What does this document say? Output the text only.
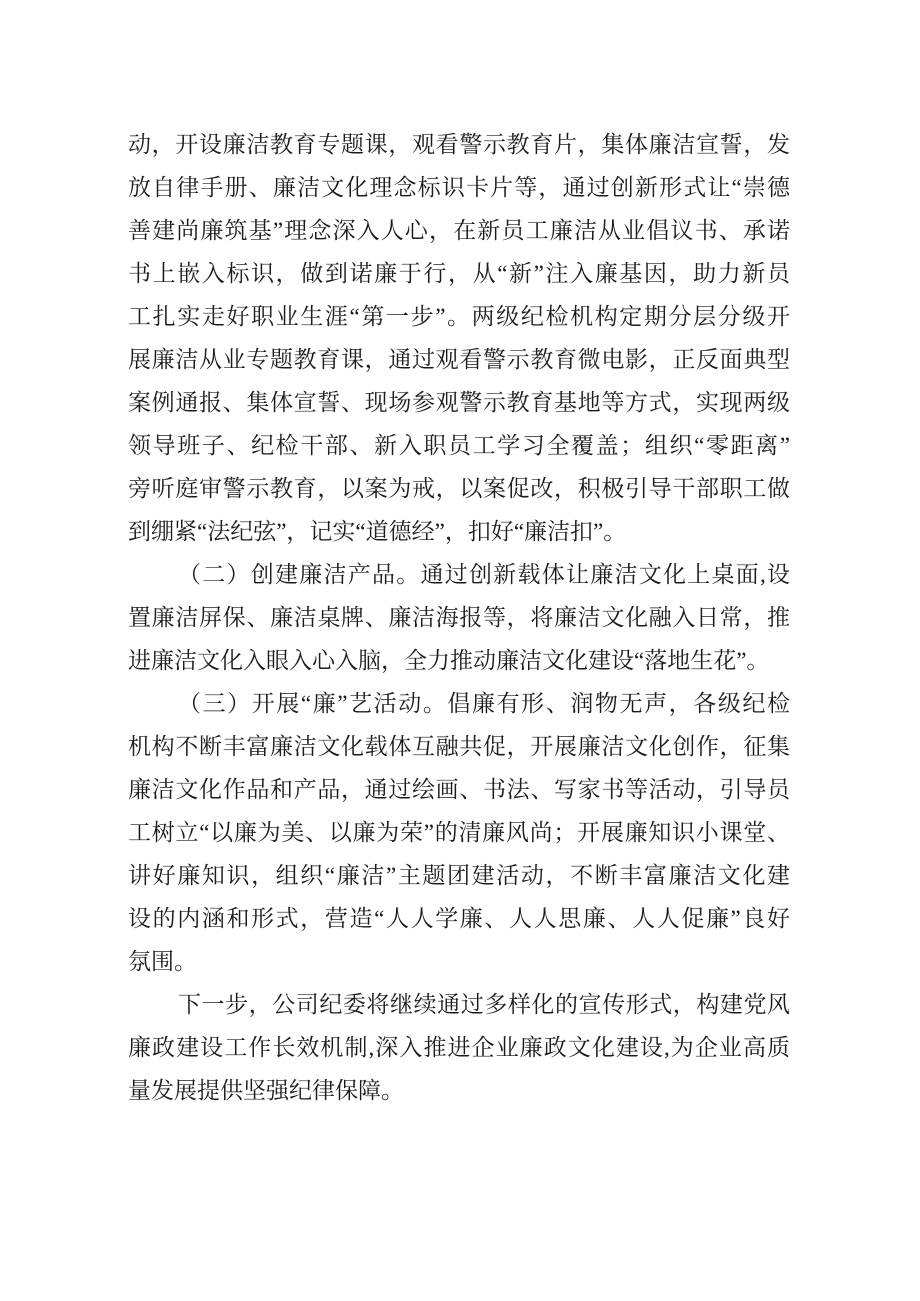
动，开设廉洁教育专题课，观看警示教育片，集体廉洁宣誓，发
放自律手册、廉洁文化理念标识卡片等，通过创新形式让“崇德
善建尚廉筑基”理念深入人心，在新员工廉洁从业倡议书、承诺
书上嵌入标识，做到诺廉于行，从“新”注入廉基因，助力新员
工扎实走好职业生涯“第一步”。两级纪检机构定期分层分级开
展廉洁从业专题教育课，通过观看警示教育微电影，正反面典型
案例通报、集体宣誓、现场参观警示教育基地等方式，实现两级
领导班子、纪检干部、新入职员工学习全覆盖；组织“零距离”
旁听庭审警示教育，以案为戒，以案促改，积极引导干部职工做
到绷紧“法纪弦”，记实“道德经”，扣好“廉洁扣”。
（二）创建廉洁产品。通过创新载体让廉洁文化上桌面,设
置廉洁屏保、廉洁桌牌、廉洁海报等，将廉洁文化融入日常，推
进廉洁文化入眼入心入脑，全力推动廉洁文化建设“落地生花”。
（三）开展“廉”艺活动。倡廉有形、润物无声，各级纪检
机构不断丰富廉洁文化载体互融共促，开展廉洁文化创作，征集
廉洁文化作品和产品，通过绘画、书法、写家书等活动，引导员
工树立“以廉为美、以廉为荣”的清廉风尚；开展廉知识小课堂、
讲好廉知识，组织“廉洁”主题团建活动，不断丰富廉洁文化建
设的内涵和形式，营造“人人学廉、人人思廉、人人促廉”良好
氛围。
下一步，公司纪委将继续通过多样化的宣传形式，构建党风
廉政建设工作长效机制,深入推进企业廉政文化建设,为企业高质
量发展提供坚强纪律保障。
